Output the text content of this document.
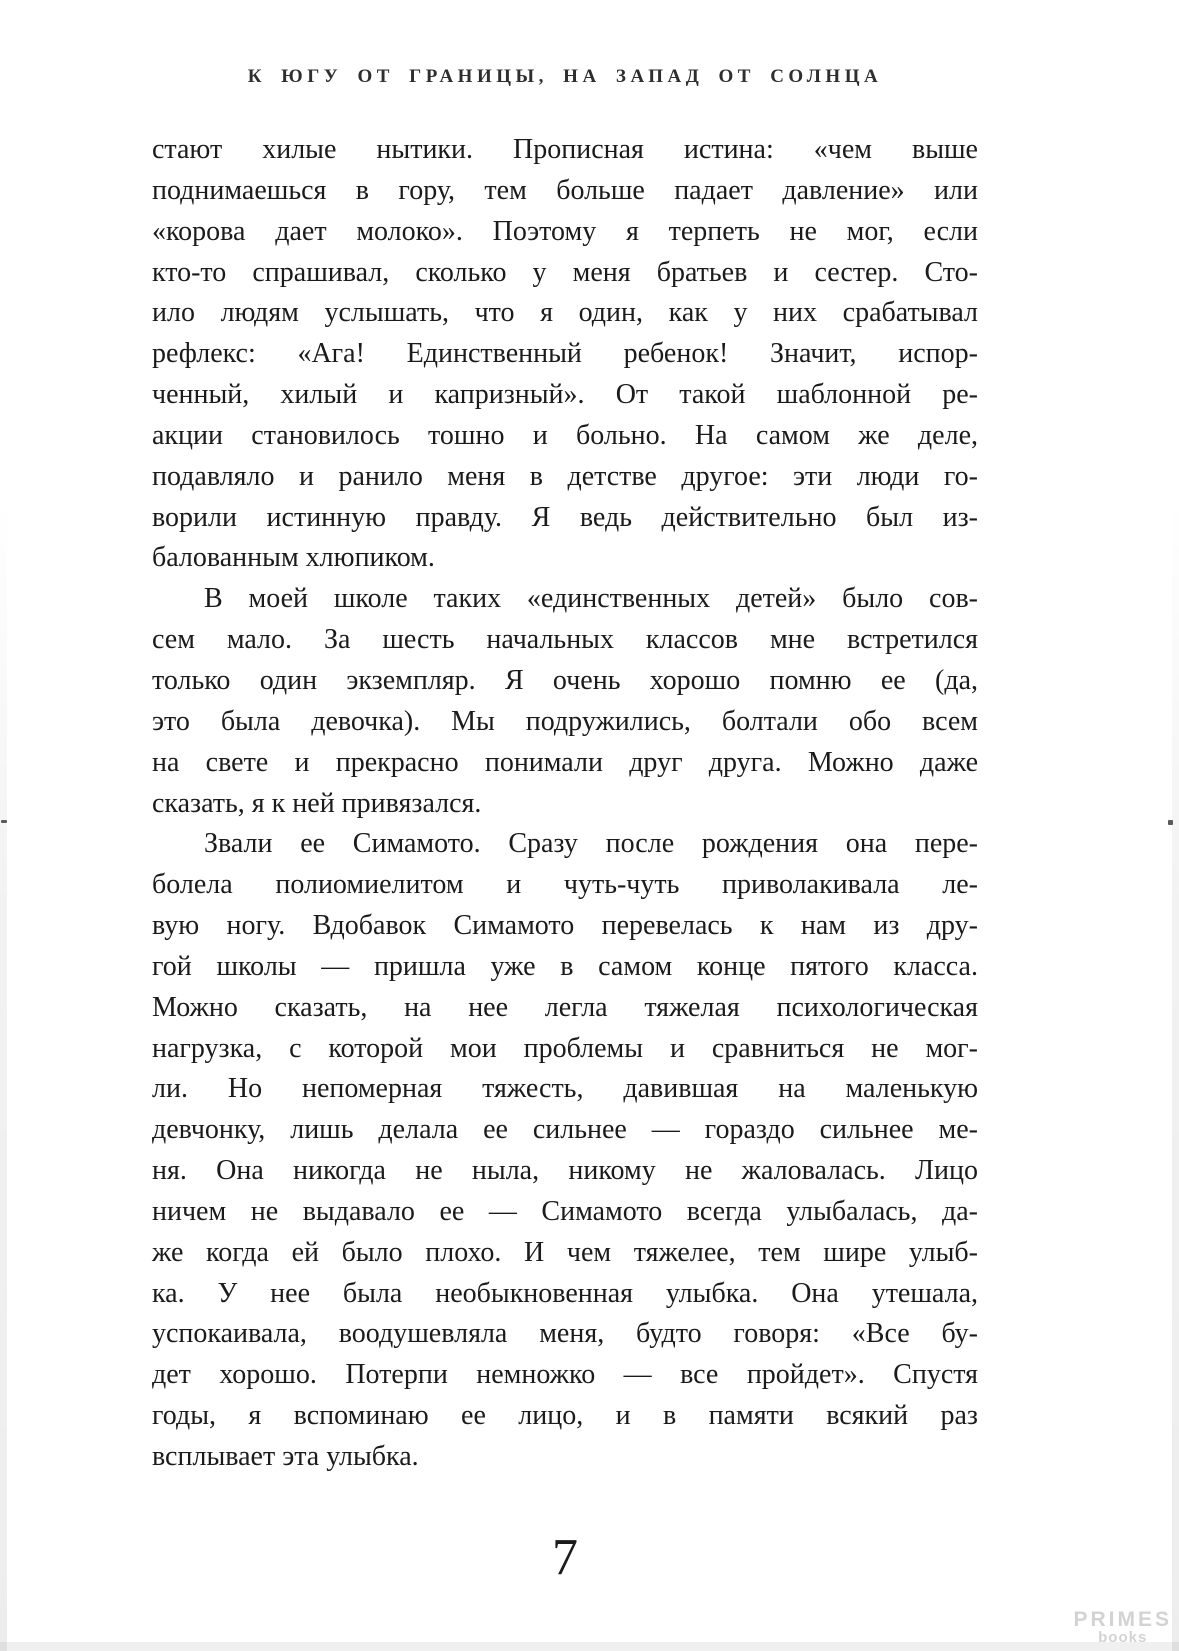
К ЮГУ ОТ ГРАНИЦЫ, НА ЗАПАД ОТ СОЛНЦА
стают хилые нытики. Прописная истина: «чем выше
поднимаешься в гору, тем больше падает давление» или
«корова дает молоко». Поэтому я терпеть не мог, если
кто-то спрашивал, сколько у меня братьев и сестер. Сто-
ило людям услышать, что я один, как у них срабатывал
рефлекс: «Ага! Единственный ребенок! Значит, испор-
ченный, хилый и капризный». От такой шаблонной ре-
акции становилось тошно и больно. На самом же деле,
подавляло и ранило меня в детстве другое: эти люди го-
ворили истинную правду. Я ведь действительно был из-
балованным хлюпиком.
В моей школе таких «единственных детей» было сов-
сем мало. За шесть начальных классов мне встретился
только один экземпляр. Я очень хорошо помню ее (да,
это была девочка). Мы подружились, болтали обо всем
на свете и прекрасно понимали друг друга. Можно даже
сказать, я к ней привязался.
Звали ее Симамото. Сразу после рождения она пере-
болела полиомиелитом и чуть-чуть приволакивала ле-
вую ногу. Вдобавок Симамото перевелась к нам из дру-
гой школы — пришла уже в самом конце пятого класса.
Можно сказать, на нее легла тяжелая психологическая
нагрузка, с которой мои проблемы и сравниться не мог-
ли. Но непомерная тяжесть, давившая на маленькую
девчонку, лишь делала ее сильнее — гораздо сильнее ме-
ня. Она никогда не ныла, никому не жаловалась. Лицо
ничем не выдавало ее — Симамото всегда улыбалась, да-
же когда ей было плохо. И чем тяжелее, тем шире улыб-
ка. У нее была необыкновенная улыбка. Она утешала,
успокаивала, воодушевляла меня, будто говоря: «Все бу-
дет хорошо. Потерпи немножко — все пройдет». Спустя
годы, я вспоминаю ее лицо, и в памяти всякий раз
всплывает эта улыбка.
7
PRIMES
books
